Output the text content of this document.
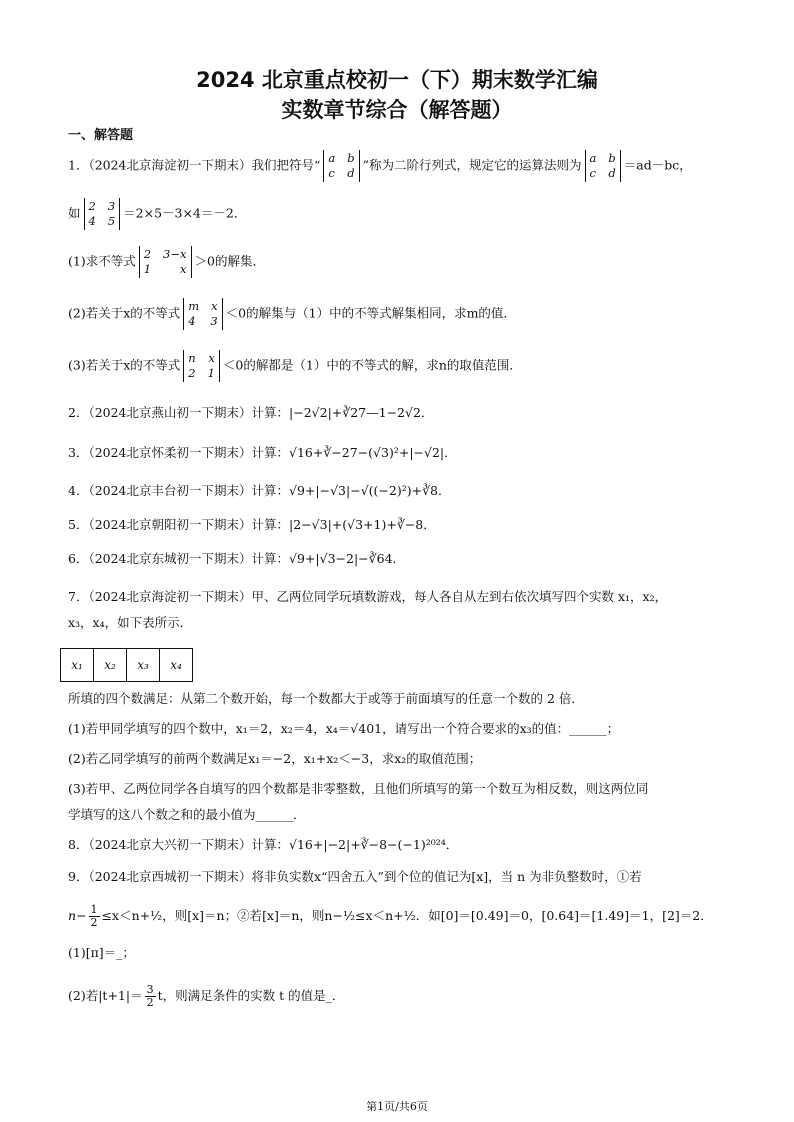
2024 北京重点校初一（下）期末数学汇编
实数章节综合（解答题）
一、解答题
1．（2024北京海淀初一下期末）我们把符号“ a b
c d
”称为二阶行列式，规定它的运算法则为 a b
c d
＝ad－bc，
如 2 3
4 5
＝2×5－3×4＝－2．
(1)求不等式 2 3−x
1	x
＞0的解集．
(2)若关于x的不等式 m x
4 3
＜0的解集与（1）中的不等式解集相同，求m的值．
(3)若关于x的不等式 n x
2 1
＜0的解都是（1）中的不等式的解，求n的取值范围．
2．（2024北京燕山初一下期末）计算：|−2√2|+∛27—1−2√2．
3．（2024北京怀柔初一下期末）计算：√16+∛−27−(√3)²+|−√2|．
4．（2024北京丰台初一下期末）计算：√9+|−√3|−√((−2)²)+∛8．
5．（2024北京朝阳初一下期末）计算：|2−√3|+(√3+1)+∛−8．
6．（2024北京东城初一下期末）计算：√9+|√3−2|−∛64．
7．（2024北京海淀初一下期末）甲、乙两位同学玩填数游戏，每人各自从左到右依次填写四个实数 x₁，x₂，
x₃，x₄，如下表所示．
x₁	x₂	x₃	x₄
所填的四个数满足：从第二个数开始，每一个数都大于或等于前面填写的任意一个数的 2 倍．
(1)若甲同学填写的四个数中，x₁＝2，x₂＝4，x₄＝√401，请写出一个符合要求的x₃的值：______；
(2)若乙同学填写的前两个数满足x₁＝−2，x₁+x₂＜−3，求x₂的取值范围；
(3)若甲、乙两位同学各自填写的四个数都是非零整数，且他们所填写的第一个数互为相反数，则这两位同
学填写的这八个数之和的最小值为______．
8．（2024北京大兴初一下期末）计算：√16+|−2|+∛−8−(−1)²⁰²⁴．
9．（2024北京西城初一下期末）将非负实数x“四舍五入”到个位的值记为[x]，当 n 为非负整数时，①若
$n- \frac{1}{2}$ ≤x＜n+½，则[x]＝n；②若[x]＝n，则n−½≤x＜n+½．如[0]＝[0.49]＝0，[0.64]＝[1.49]＝1，[2]＝2．
(1)[π]＝_；
(2)若$|t+1|= \frac{3}{2}$ t，则满足条件的实数 t 的值是_．
第1页/共6页
